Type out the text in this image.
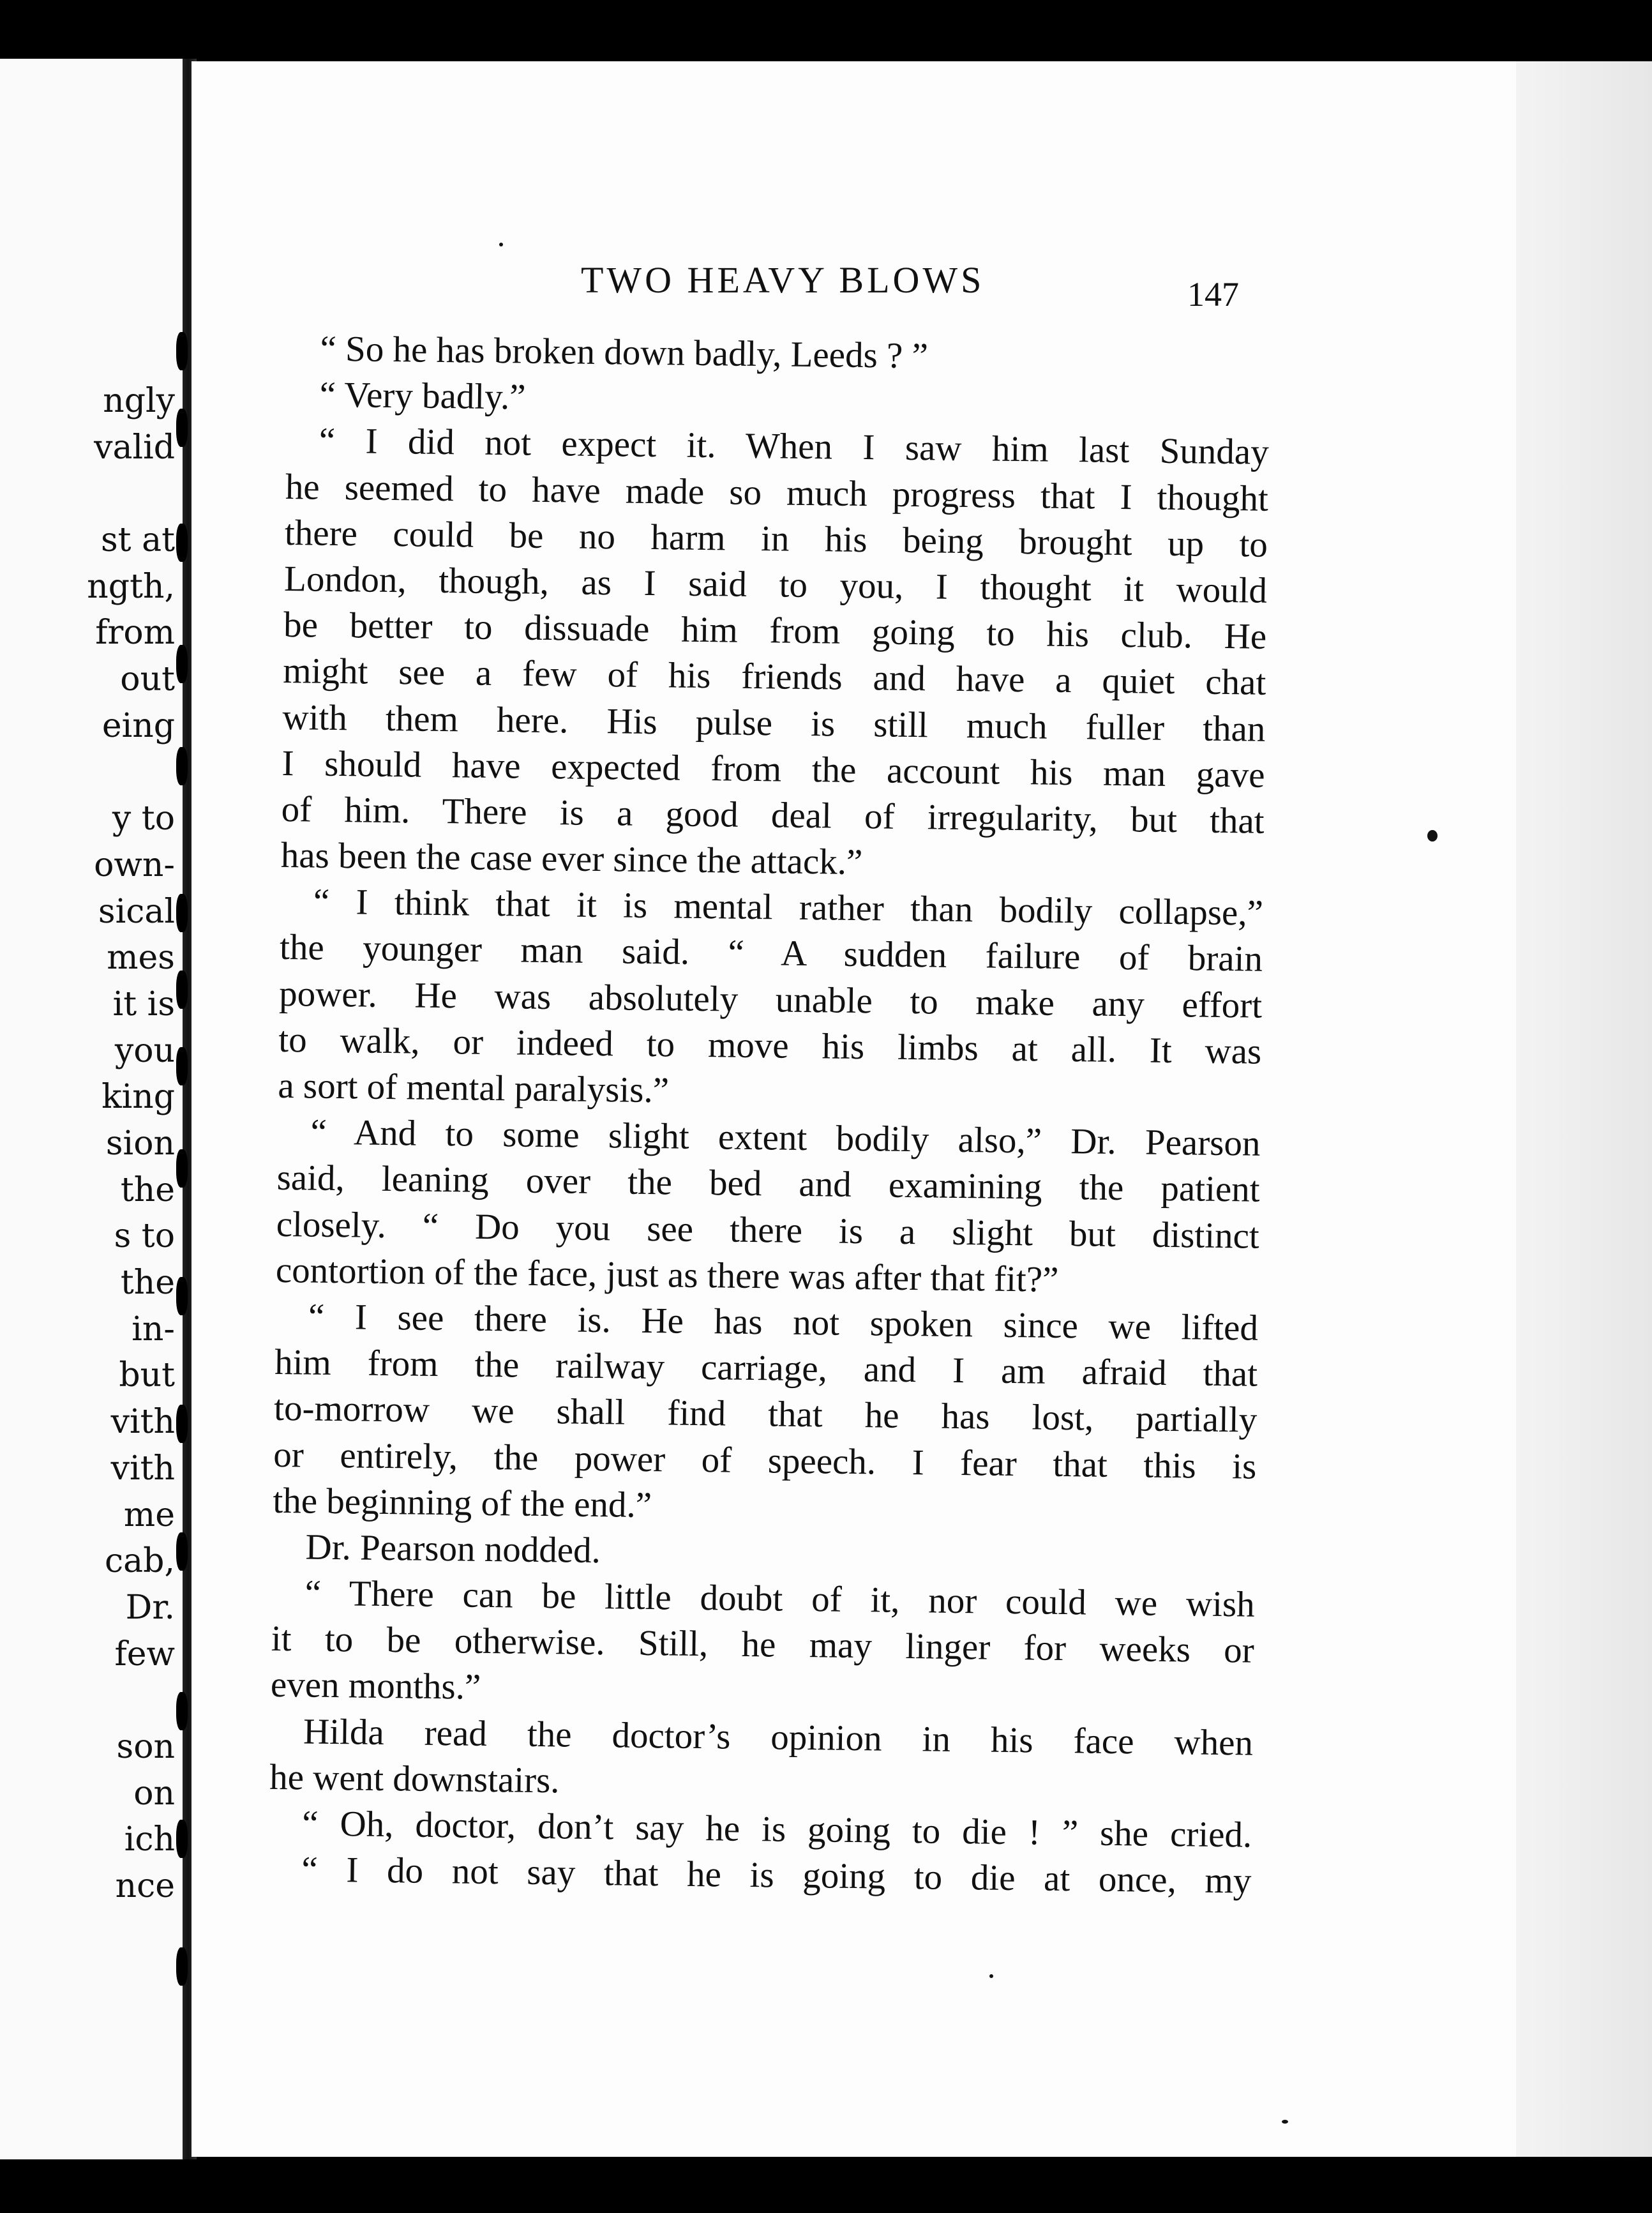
ngly
valid
st at
ngth,
from
out
eing
y to
own-
sical
mes
it is
you
king
sion
the
s to
the
in-
but
vith
vith
me
cab,
Dr.
few
son
on
ich
nce
TWO HEAVY BLOWS	147
“ So he has broken down badly, Leeds ? ”
“ Very badly.”
“ I did not expect it. When I saw him last Sunday
he seemed to have made so much progress that I thought
there could be no harm in his being brought up to
London, though, as I said to you, I thought it would
be better to dissuade him from going to his club. He
might see a few of his friends and have a quiet chat
with them here. His pulse is still much fuller than
I should have expected from the account his man gave
of him. There is a good deal of irregularity, but that
has been the case ever since the attack.”
“ I think that it is mental rather than bodily collapse,”
the younger man said. “ A sudden failure of brain
power. He was absolutely unable to make any effort
to walk, or indeed to move his limbs at all. It was
a sort of mental paralysis.”
“ And to some slight extent bodily also,” Dr. Pearson
said, leaning over the bed and examining the patient
closely. “ Do you see there is a slight but distinct
contortion of the face, just as there was after that fit?”
“ I see there is. He has not spoken since we lifted
him from the railway carriage, and I am afraid that
to-morrow we shall find that he has lost, partially
or entirely, the power of speech. I fear that this is
the beginning of the end.”
Dr. Pearson nodded.
“ There can be little doubt of it, nor could we wish
it to be otherwise. Still, he may linger for weeks or
even months.”
Hilda read the doctor’s opinion in his face when
he went downstairs.
“ Oh, doctor, don’t say he is going to die ! ” she cried.
“ I do not say that he is going to die at once, my
